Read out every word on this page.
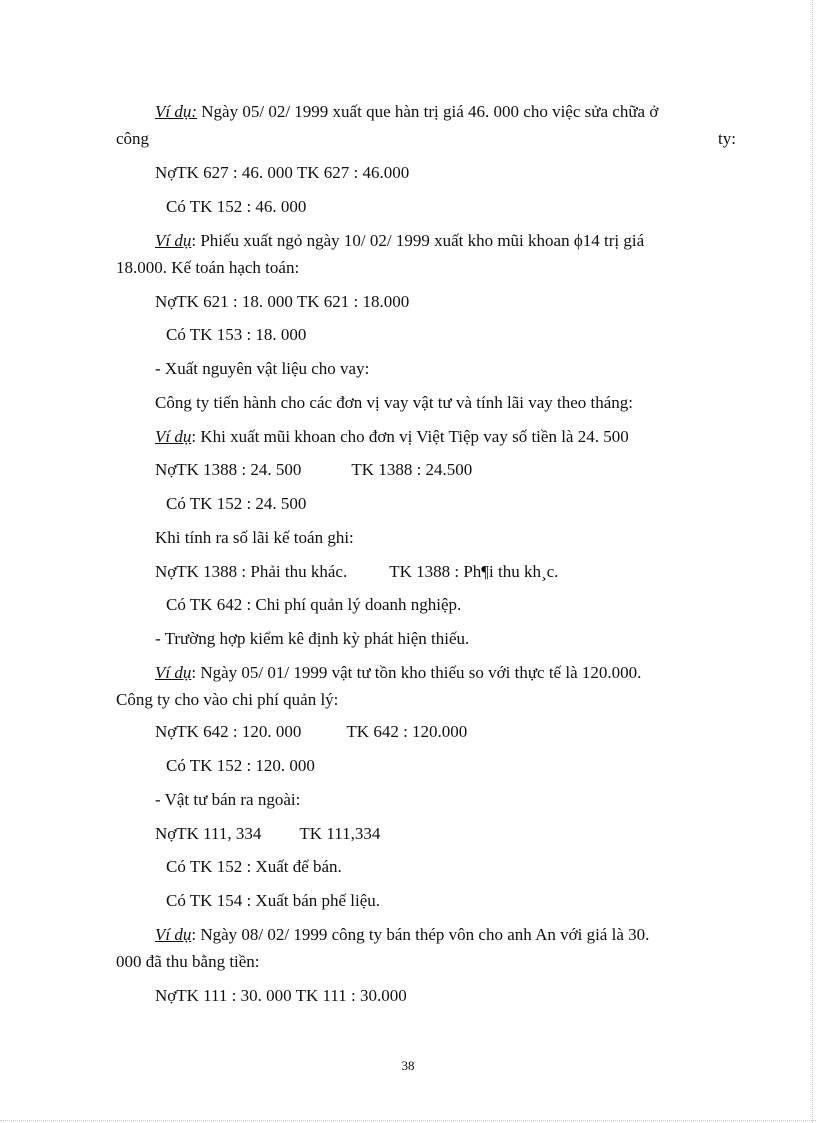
Ví dụ: Ngày 05/ 02/ 1999 xuất que hàn trị giá 46. 000 cho việc sửa chữa ở
công	ty:
NợTK 627 : 46. 000 TK 627 : 46.000
Có TK 152 : 46. 000
Ví dụ: Phiếu xuất ngỏ ngày 10/ 02/ 1999 xuất kho mũi khoan ϕ14 trị giá
18.000. Kế toán hạch toán:
NợTK 621 : 18. 000 TK 621 : 18.000
Có TK 153 : 18. 000
- Xuất nguyên vật liệu cho vay:
Công ty tiến hành cho các đơn vị vay vật tư và tính lãi vay theo tháng:
Ví dụ: Khi xuất mũi khoan cho đơn vị Việt Tiệp vay số tiền là 24. 500
NợTK 1388 : 24. 500	TK 1388 : 24.500
Có TK 152 : 24. 500
Khi tính ra số lãi kế toán ghi:
NợTK 1388 : Phải thu khác. TK 1388 : Ph¶i thu kh¸c.
Có TK 642 : Chi phí quản lý doanh nghiệp.
- Trường hợp kiểm kê định kỳ phát hiện thiếu.
Ví dụ: Ngày 05/ 01/ 1999 vật tư tồn kho thiếu so với thực tế là 120.000.
Công ty cho vào chi phí quản lý:
NợTK 642 : 120. 000	TK 642 : 120.000
Có TK 152 : 120. 000
- Vật tư bán ra ngoài:
NợTK 111, 334 TK 111,334
Có TK 152 : Xuất để bán.
Có TK 154 : Xuất bán phế liệu.
Ví dụ: Ngày 08/ 02/ 1999 công ty bán thép vôn cho anh An với giá là 30.
000 đã thu bằng tiền:
NợTK 111 : 30. 000 TK 111 : 30.000
38
